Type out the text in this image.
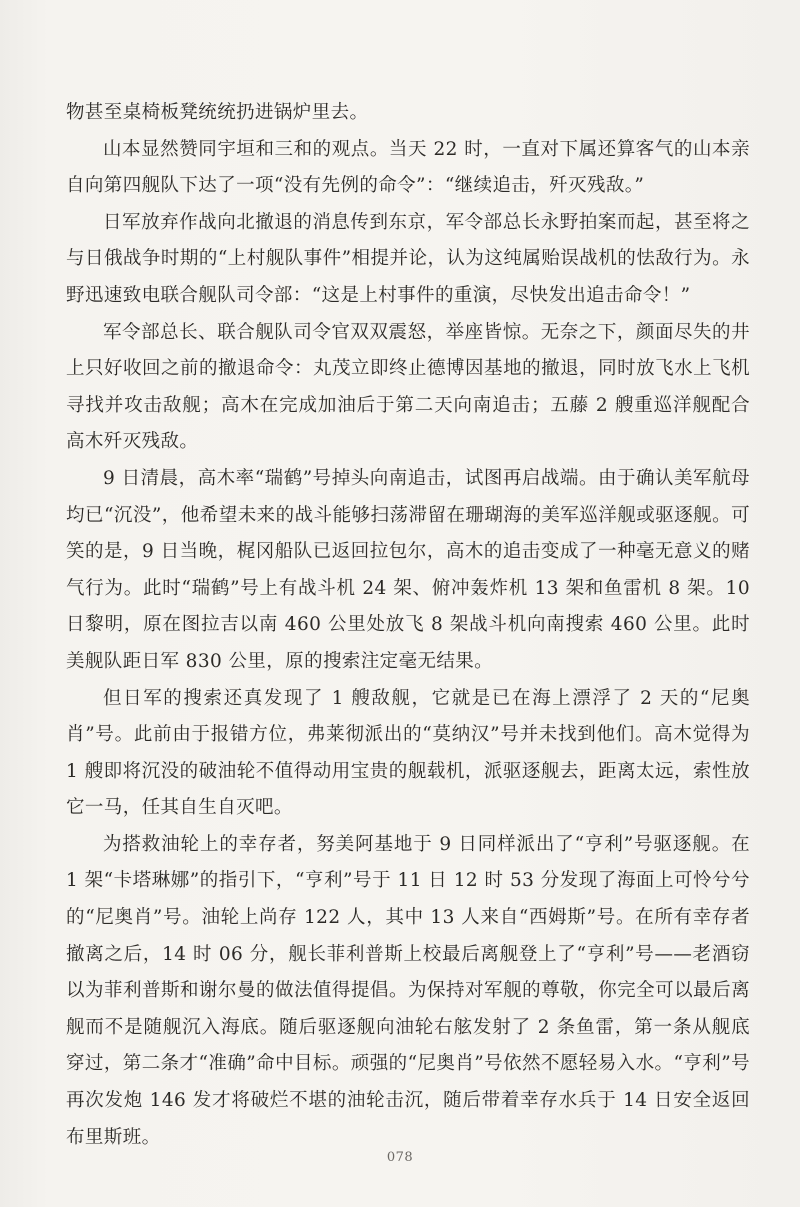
物甚至桌椅板凳统统扔进锅炉里去。

山本显然赞同宇垣和三和的观点。当天 22 时，一直对下属还算客气的山本亲自向第四舰队下达了一项“没有先例的命令”：“继续追击，歼灭残敌。”

日军放弃作战向北撤退的消息传到东京，军令部总长永野拍案而起，甚至将之与日俄战争时期的“上村舰队事件”相提并论，认为这纯属贻误战机的怯敌行为。永野迅速致电联合舰队司令部：“这是上村事件的重演，尽快发出追击命令！”

军令部总长、联合舰队司令官双双震怒，举座皆惊。无奈之下，颜面尽失的井上只好收回之前的撤退命令：丸茂立即终止德博因基地的撤退，同时放飞水上飞机寻找并攻击敌舰；高木在完成加油后于第二天向南追击；五藤 2 艘重巡洋舰配合高木歼灭残敌。

9 日清晨，高木率“瑞鹤”号掉头向南追击，试图再启战端。由于确认美军航母均已“沉没”，他希望未来的战斗能够扫荡滞留在珊瑚海的美军巡洋舰或驱逐舰。可笑的是，9 日当晚，梶冈船队已返回拉包尔，高木的追击变成了一种毫无意义的赌气行为。此时“瑞鹤”号上有战斗机 24 架、俯冲轰炸机 13 架和鱼雷机 8 架。10 日黎明，原在图拉吉以南 460 公里处放飞 8 架战斗机向南搜索 460 公里。此时美舰队距日军 830 公里，原的搜索注定毫无结果。

但日军的搜索还真发现了 1 艘敌舰，它就是已在海上漂浮了 2 天的“尼奥肖”号。此前由于报错方位，弗莱彻派出的“莫纳汉”号并未找到他们。高木觉得为 1 艘即将沉没的破油轮不值得动用宝贵的舰载机，派驱逐舰去，距离太远，索性放它一马，任其自生自灭吧。

为搭救油轮上的幸存者，努美阿基地于 9 日同样派出了“亨利”号驱逐舰。在 1 架“卡塔琳娜”的指引下，“亨利”号于 11 日 12 时 53 分发现了海面上可怜兮兮的“尼奥肖”号。油轮上尚存 122 人，其中 13 人来自“西姆斯”号。在所有幸存者撤离之后，14 时 06 分，舰长菲利普斯上校最后离舰登上了“亨利”号——老酒窃以为菲利普斯和谢尔曼的做法值得提倡。为保持对军舰的尊敬，你完全可以最后离舰而不是随舰沉入海底。随后驱逐舰向油轮右舷发射了 2 条鱼雷，第一条从舰底穿过，第二条才“准确”命中目标。顽强的“尼奥肖”号依然不愿轻易入水。“亨利”号再次发炮 146 发才将破烂不堪的油轮击沉，随后带着幸存水兵于 14 日安全返回布里斯班。

078
